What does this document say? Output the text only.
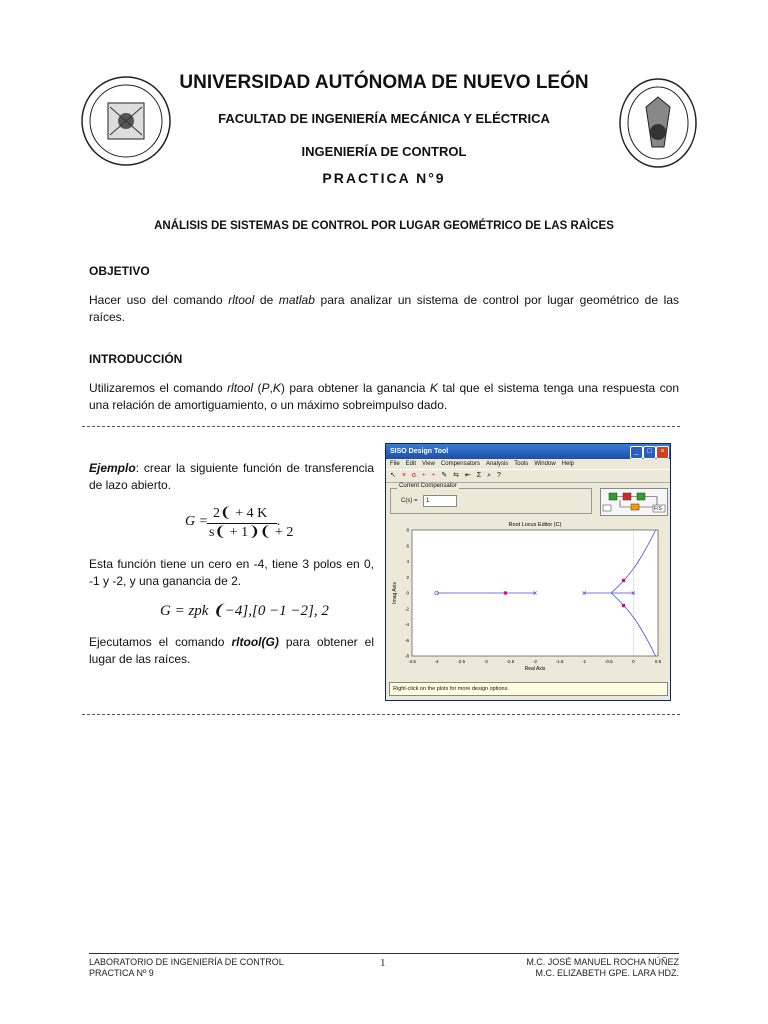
UNIVERSIDAD AUTÓNOMA DE NUEVO LEÓN
FACULTAD DE INGENIERÍA MECÁNICA Y ELÉCTRICA
INGENIERÍA DE CONTROL
PRACTICA N°9
ANÁLISIS DE SISTEMAS DE CONTROL POR LUGAR GEOMÉTRICO DE LAS RAÌCES
OBJETIVO
Hacer uso del comando rltool de matlab para analizar un sistema de control por lugar geométrico de las raíces.
INTRODUCCIÓN
Utilizaremos el comando rltool (P,K) para obtener la ganancia K tal que el sistema tenga una respuesta con una relación de amortiguamiento, o un máximo sobreimpulso dado.
Ejemplo: crear la siguiente función de transferencia de lazo abierto.
G =
2❨ + 4 K
s❨ + 1❩❨ + 2
.
Esta función tiene un cero en -4, tiene 3 polos en 0, -1 y -2, y una ganancia de 2.
G = zpk ❨−4],[0 −1 −2], 2
Ejecutamos el comando rltool(G) para obtener el lugar de las raíces.
SISO Design Tool	_	□	×
File Edit View Compensators Analysis Tools Window Help
↖ × o ÷ ÷ ✎ ⇆ ⇤ Σ ⌕ ?
Current Compensator
C(s) =	1
F/S
Root Locus Editor (C)
-4.5	-4	-3.5	-3	-2.5	-2	-1.5	-1	-0.5	0	0.5
8
6
4
2
0
-2
-4
-6
-8
Real Axis
Imag Axis
Right-click on the plots for more design options.
LABORATORIO DE INGENIERÍA DE CONTROL
PRACTICA Nº 9
1	M.C. JOSÉ MANUEL ROCHA NÚÑEZ
M.C. ELIZABETH GPE. LARA HDZ.
